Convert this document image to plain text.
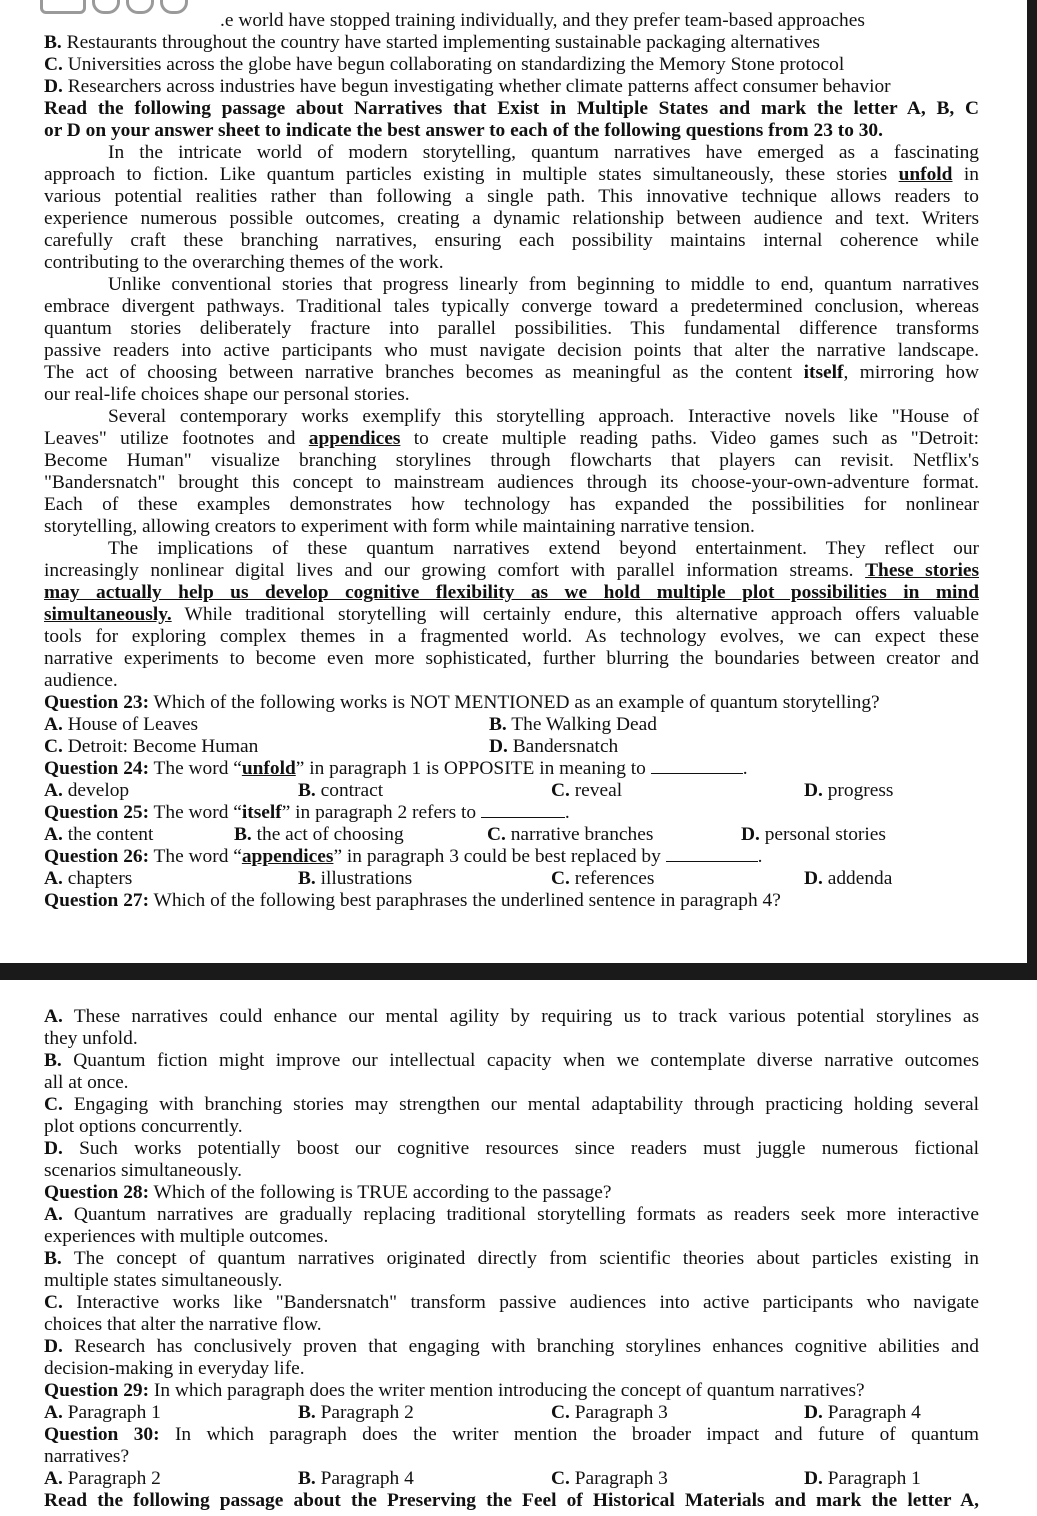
.e world have stopped training individually, and they prefer team-based approaches
B. Restaurants throughout the country have started implementing sustainable packaging alternatives
C. Universities across the globe have begun collaborating on standardizing the Memory Stone protocol
D. Researchers across industries have begun investigating whether climate patterns affect consumer behavior
Read the following passage about Narratives that Exist in Multiple States and mark the letter A, B, C
or D on your answer sheet to indicate the best answer to each of the following questions from 23 to 30.
In the intricate world of modern storytelling, quantum narratives have emerged as a fascinating
approach to fiction. Like quantum particles existing in multiple states simultaneously, these stories unfold in
various potential realities rather than following a single path. This innovative technique allows readers to
experience numerous possible outcomes, creating a dynamic relationship between audience and text. Writers
carefully craft these branching narratives, ensuring each possibility maintains internal coherence while
contributing to the overarching themes of the work.
Unlike conventional stories that progress linearly from beginning to middle to end, quantum narratives
embrace divergent pathways. Traditional tales typically converge toward a predetermined conclusion, whereas
quantum stories deliberately fracture into parallel possibilities. This fundamental difference transforms
passive readers into active participants who must navigate decision points that alter the narrative landscape.
The act of choosing between narrative branches becomes as meaningful as the content itself, mirroring how
our real-life choices shape our personal stories.
Several contemporary works exemplify this storytelling approach. Interactive novels like "House of
Leaves" utilize footnotes and appendices to create multiple reading paths. Video games such as "Detroit:
Become Human" visualize branching storylines through flowcharts that players can revisit. Netflix's
"Bandersnatch" brought this concept to mainstream audiences through its choose-your-own-adventure format.
Each of these examples demonstrates how technology has expanded the possibilities for nonlinear
storytelling, allowing creators to experiment with form while maintaining narrative tension.
The implications of these quantum narratives extend beyond entertainment. They reflect our
increasingly nonlinear digital lives and our growing comfort with parallel information streams. These stories
may actually help us develop cognitive flexibility as we hold multiple plot possibilities in mind
simultaneously. While traditional storytelling will certainly endure, this alternative approach offers valuable
tools for exploring complex themes in a fragmented world. As technology evolves, we can expect these
narrative experiments to become even more sophisticated, further blurring the boundaries between creator and
audience.
Question 23: Which of the following works is NOT MENTIONED as an example of quantum storytelling?
A. House of Leaves	B. The Walking Dead
C. Detroit: Become Human	D. Bandersnatch
Question 24: The word “unfold” in paragraph 1 is OPPOSITE in meaning to	.
A. develop	B. contract	C. reveal	D. progress
Question 25: The word “itself” in paragraph 2 refers to	.
A. the content	B. the act of choosing	C. narrative branches	D. personal stories
Question 26: The word “appendices” in paragraph 3 could be best replaced by	.
A. chapters	B. illustrations	C. references	D. addenda
Question 27: Which of the following best paraphrases the underlined sentence in paragraph 4?
A. These narratives could enhance our mental agility by requiring us to track various potential storylines as
they unfold.
B. Quantum fiction might improve our intellectual capacity when we contemplate diverse narrative outcomes
all at once.
C. Engaging with branching stories may strengthen our mental adaptability through practicing holding several
plot options concurrently.
D. Such works potentially boost our cognitive resources since readers must juggle numerous fictional
scenarios simultaneously.
Question 28: Which of the following is TRUE according to the passage?
A. Quantum narratives are gradually replacing traditional storytelling formats as readers seek more interactive
experiences with multiple outcomes.
B. The concept of quantum narratives originated directly from scientific theories about particles existing in
multiple states simultaneously.
C. Interactive works like "Bandersnatch" transform passive audiences into active participants who navigate
choices that alter the narrative flow.
D. Research has conclusively proven that engaging with branching storylines enhances cognitive abilities and
decision-making in everyday life.
Question 29: In which paragraph does the writer mention introducing the concept of quantum narratives?
A. Paragraph 1	B. Paragraph 2	C. Paragraph 3	D. Paragraph 4
Question 30: In which paragraph does the writer mention the broader impact and future of quantum
narratives?
A. Paragraph 2	B. Paragraph 4	C. Paragraph 3	D. Paragraph 1
Read the following passage about the Preserving the Feel of Historical Materials and mark the letter A,
